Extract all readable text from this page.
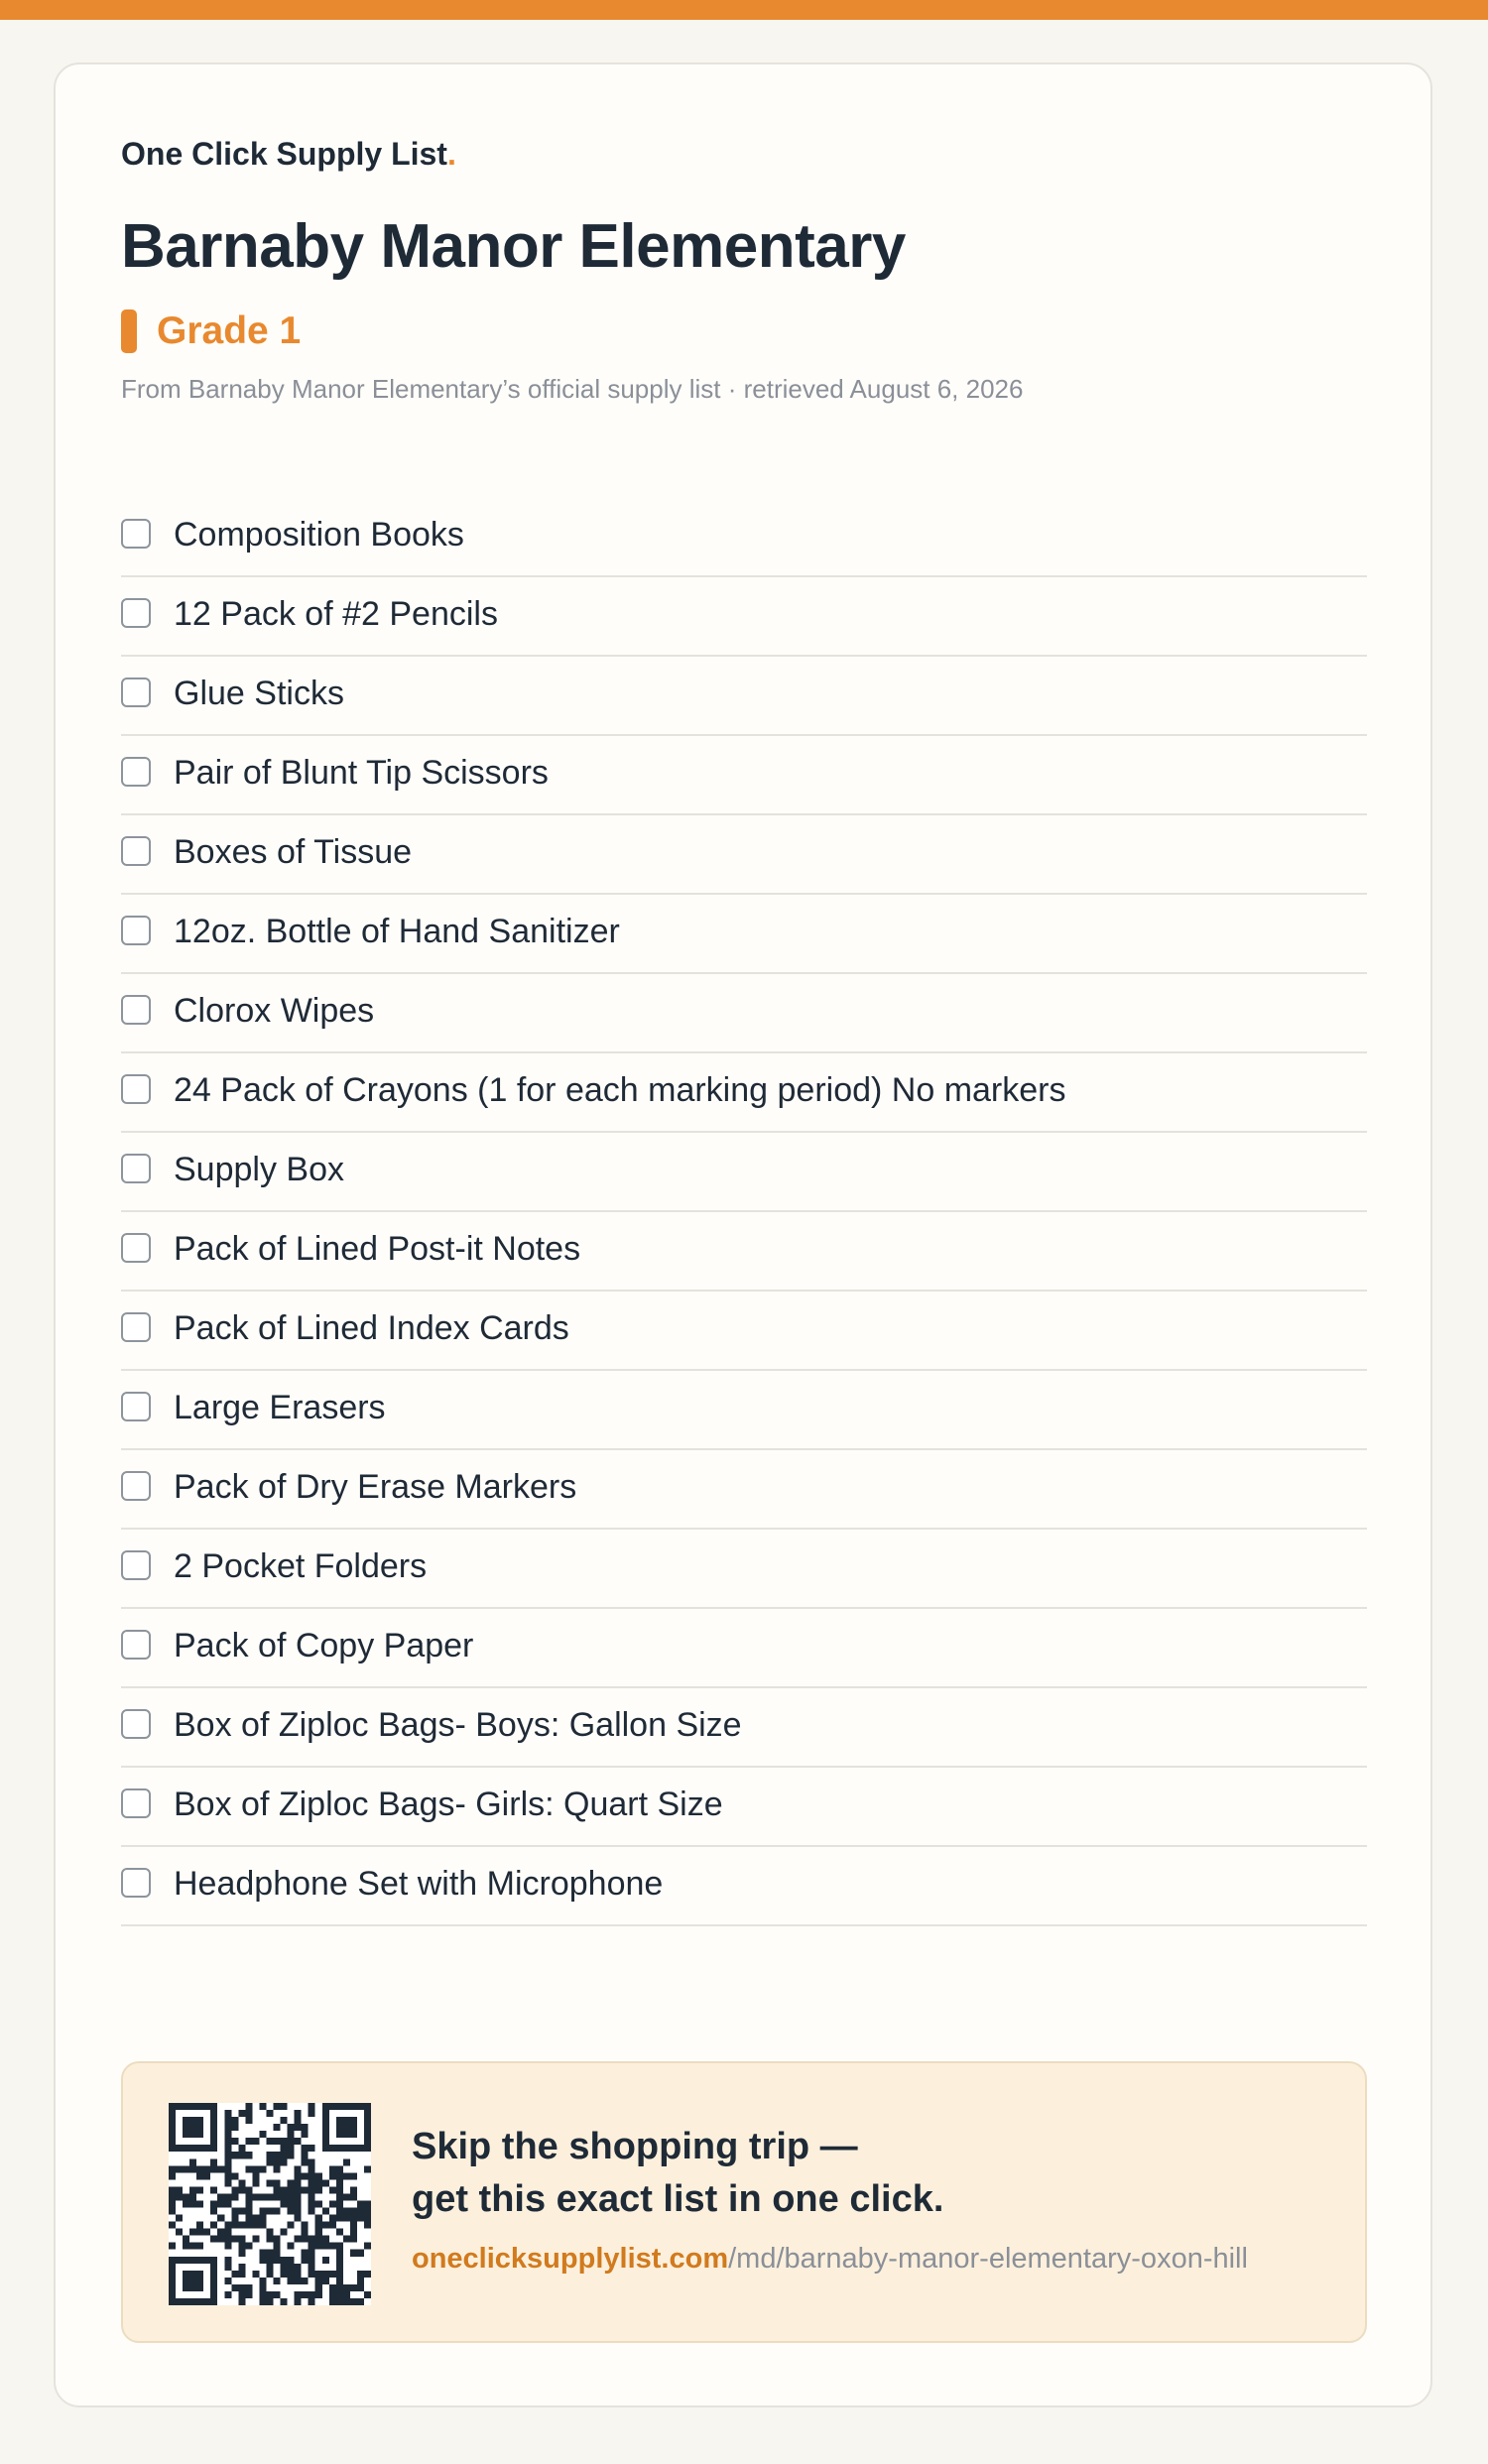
One Click Supply List.
Barnaby Manor Elementary
Grade 1
From Barnaby Manor Elementary’s official supply list · retrieved August 6, 2026
Composition Books
12 Pack of #2 Pencils
Glue Sticks
Pair of Blunt Tip Scissors
Boxes of Tissue
12oz. Bottle of Hand Sanitizer
Clorox Wipes
24 Pack of Crayons (1 for each marking period) No markers
Supply Box
Pack of Lined Post-it Notes
Pack of Lined Index Cards
Large Erasers
Pack of Dry Erase Markers
2 Pocket Folders
Pack of Copy Paper
Box of Ziploc Bags- Boys: Gallon Size
Box of Ziploc Bags- Girls: Quart Size
Headphone Set with Microphone
Skip the shopping trip —
get this exact list in one click.
oneclicksupplylist.com/md/barnaby-manor-elementary-oxon-hill
